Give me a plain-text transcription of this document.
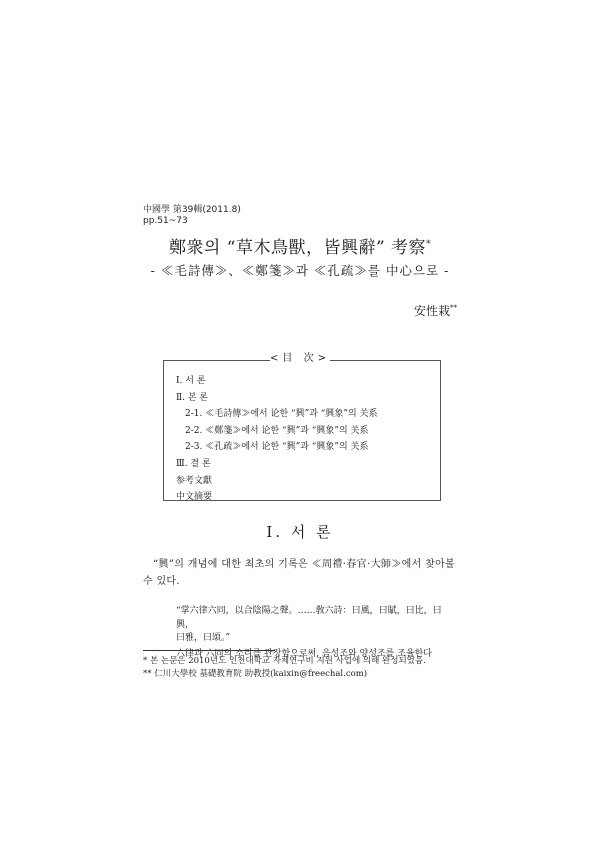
中國學 第39輯(2011.8)
pp.51~73
鄭衆의 “草木鳥獸，皆興辭” 考察*
- ≪毛詩傳≫、≪鄭箋≫과 ≪孔疏≫를 中心으로 -
安性栽**
<目 次>
Ⅰ. 서 론
Ⅱ. 본 론
2-1. ≪毛詩傳≫에서 论한 “興”과 “興象”의 关系
2-2. ≪鄭箋≫에서 论한 “興”과 “興象”의 关系
2-3. ≪孔疏≫에서 论한 “興”과 “興象”의 关系
Ⅲ. 결 론
参考文獻
中文摘要
Ⅰ. 서 론
“興”의 개념에 대한 최초의 기록은 ≪周禮·春官·大師≫에서 찾아볼 수 있다.
“掌六律六同，以合陰陽之聲。……敎六詩：曰風，曰賦，曰比，曰興，
曰雅，曰頌。”
六律과 六同의 소리를 관장함으로써, 음성조와 양성조를 조율한다
* 본 논문은 2010년도 인천대학교 자체연구비 지원 사업에 의해 완성되었음.
** 仁川大學校 基礎教育院 助教授(kaixin@freechal.com)
